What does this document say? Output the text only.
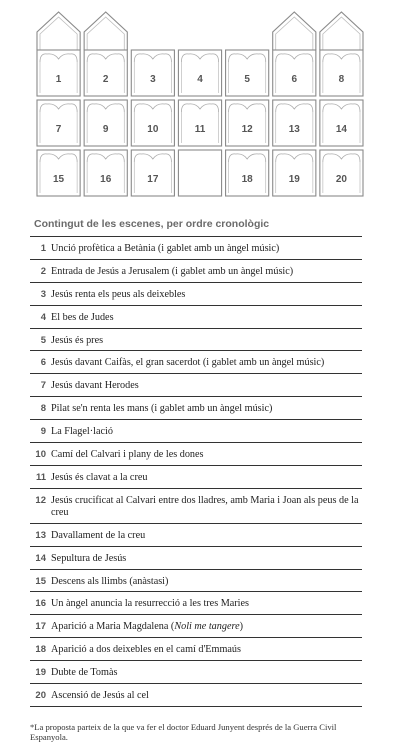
1	2	3	4	5	6	8
7	9	10	11	12	13	14
15	16	17	18	19	20
Contingut de les escenes, per ordre cronològic
1 Unció profètica a Betània (i gablet amb un àngel músic)
2 Entrada de Jesús a Jerusalem (i gablet amb un àngel músic)
3 Jesús renta els peus als deixebles
4 El bes de Judes
5 Jesús és pres
6 Jesús davant Caifàs, el gran sacerdot (i gablet amb un àngel músic)
7 Jesús davant Herodes
8 Pilat se'n renta les mans (i gablet amb un àngel músic)
9 La Flagel·lació
10 Camí del Calvari i plany de les dones
11 Jesús és clavat a la creu
12 Jesús crucificat al Calvari entre dos lladres, amb Maria i Joan als peus de la creu
13 Davallament de la creu
14 Sepultura de Jesús
15 Descens als llimbs (anàstasi)
16 Un àngel anuncia la resurrecció a les tres Maries
17 Aparició a Maria Magdalena (Noli me tangere)
18 Aparició a dos deixebles en el camí d'Emmaús
19 Dubte de Tomàs
20 Ascensió de Jesús al cel
*La proposta parteix de la que va fer el doctor Eduard Junyent després de la Guerra Civil Espanyola.
